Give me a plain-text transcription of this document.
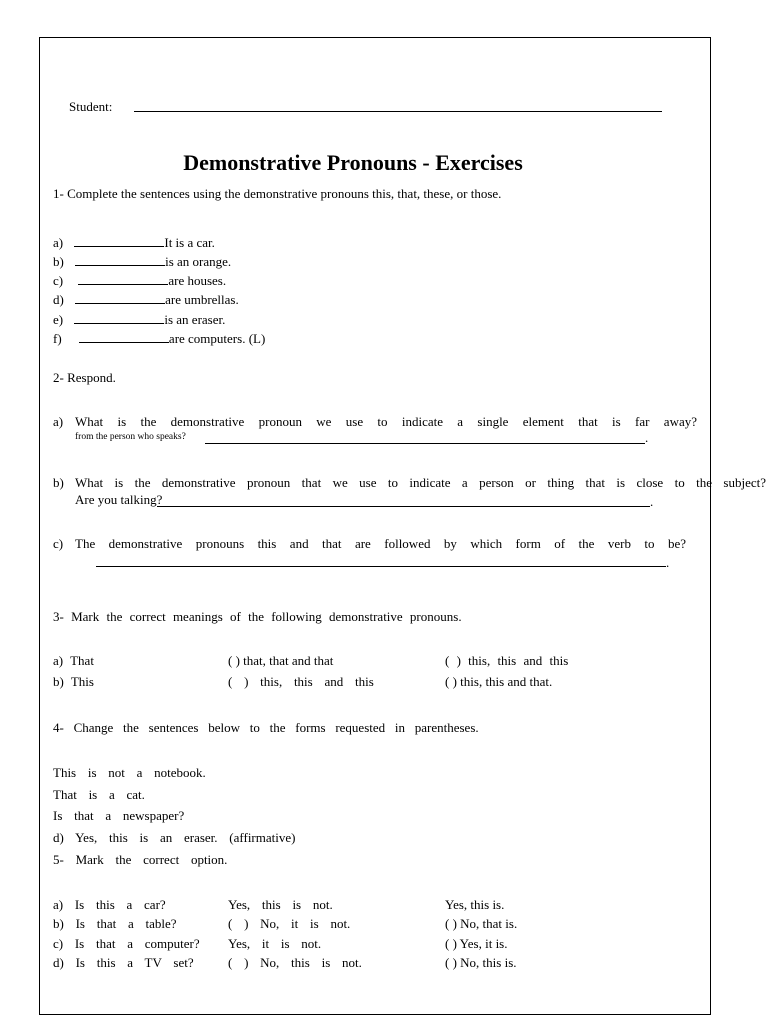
Student:
Demonstrative Pronouns - Exercises
1- Complete the sentences using the demonstrative pronouns this, that, these, or those.
a)	It is a car.
b)	is an orange.
c)	are houses.
d)	are umbrellas.
e)	is an eraser.
f)	are computers. (L)
2- Respond.
a) What is the demonstrative pronoun we use to indicate a single element that is far away?
from the person who speaks?	.
b) What is the demonstrative pronoun that we use to indicate a person or thing that is close to the subject?
Are you talking?	.
c) The demonstrative pronouns this and that are followed by which form of the verb to be?
.
3- Mark the correct meanings of the following demonstrative pronouns.
a) That	( ) that, that and that	( ) this, this and this
b) This	( ) this, this and this	( ) this, this and that.
4- Change the sentences below to the forms requested in parentheses.
This is not a notebook.
That is a cat.
Is that a newspaper?
d) Yes, this is an eraser. (affirmative)
5- Mark the correct option.
a) Is this a car?	Yes, this is not.	Yes, this is.
b) Is that a table?	( ) No, it is not.	( ) No, that is.
c) Is that a computer? Yes, it is not.	( ) Yes, it is.
d) Is this a TV set?	( ) No, this is not.	( ) No, this is.
